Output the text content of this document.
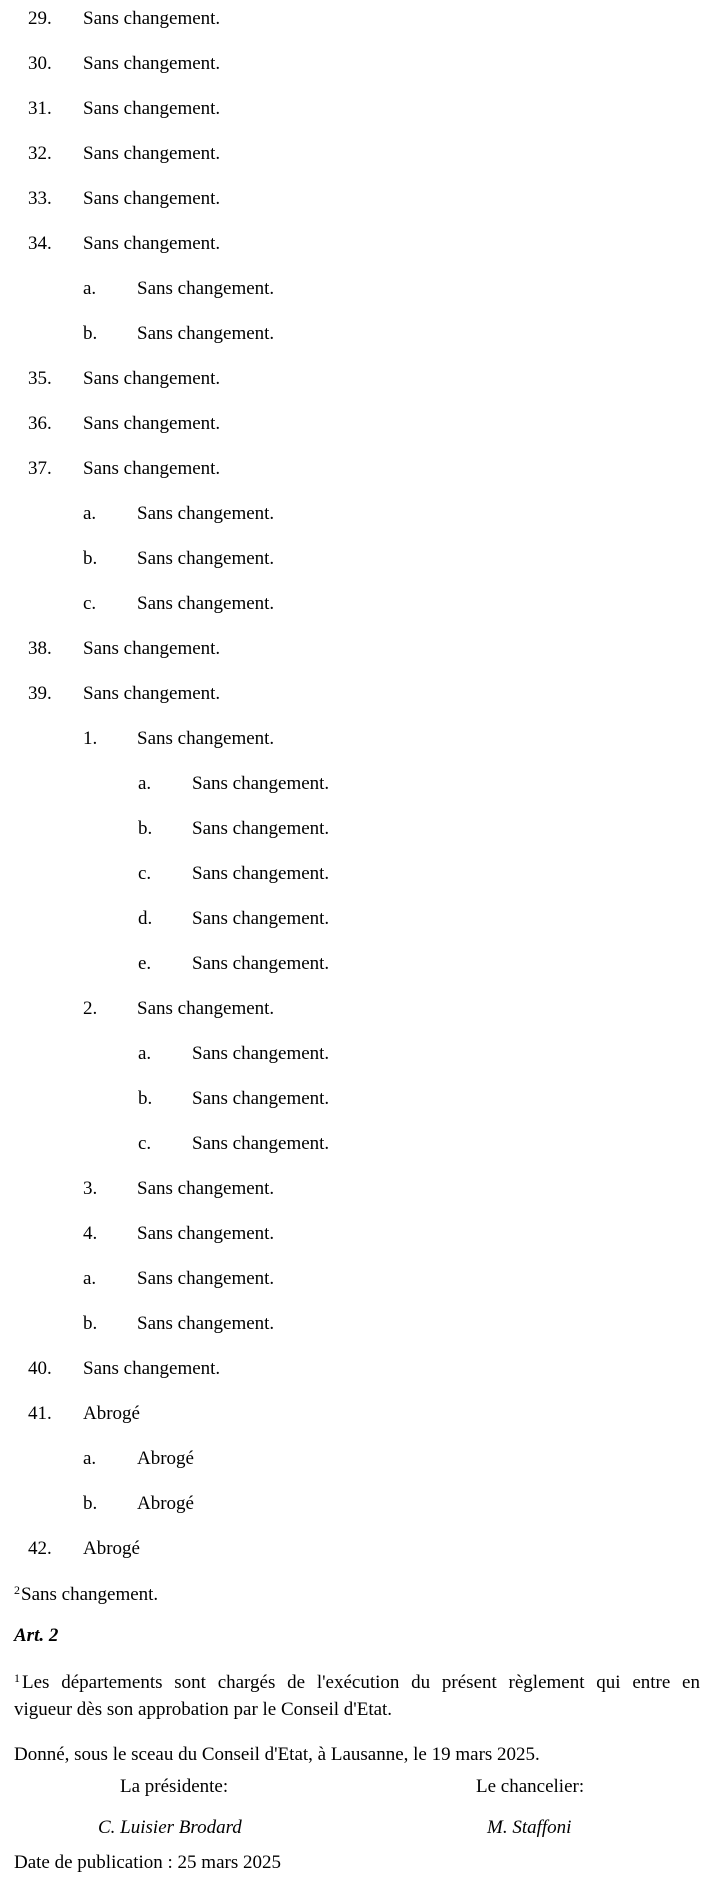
29. Sans changement.
30. Sans changement.
31. Sans changement.
32. Sans changement.
33. Sans changement.
34. Sans changement.
a. Sans changement.
b. Sans changement.
35. Sans changement.
36. Sans changement.
37. Sans changement.
a. Sans changement.
b. Sans changement.
c. Sans changement.
38. Sans changement.
39. Sans changement.
1. Sans changement.
a. Sans changement.
b. Sans changement.
c. Sans changement.
d. Sans changement.
e. Sans changement.
2. Sans changement.
a. Sans changement.
b. Sans changement.
c. Sans changement.
3. Sans changement.
4. Sans changement.
a. Sans changement.
b. Sans changement.
40. Sans changement.
41. Abrogé
a. Abrogé
b. Abrogé
42. Abrogé
$^2$Sans changement.
Art. 2
$^1$ Les départements sont chargés de l'exécution du présent règlement qui entre en
vigueur dès son approbation par le Conseil d'Etat.
Donné, sous le sceau du Conseil d'Etat, à Lausanne, le 19 mars 2025.
La présidente:	Le chancelier:
C. Luisier Brodard	M. Staffoni
Date de publication : 25 mars 2025
